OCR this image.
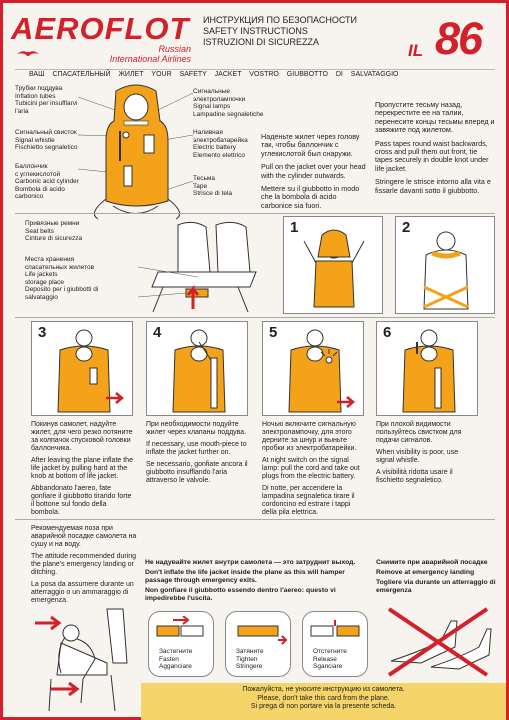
AEROFLOT
Russian
International Airlines
ИНСТРУКЦИЯ ПО БЕЗОПАСНОСТИ
SAFETY INSTRUCTIONS
ISTRUZIONI DI SICUREZZA	IL 86
ВАШ СПАСАТЕЛЬНЫЙ ЖИЛЕТ YOUR SAFETY JACKET VOSTRO GIUBBOTTO DI SALVATAGGIO
Трубки поддува
Inflation tubes
Tubicini per insufflarvi
l'aria
Сигнальный свисток
Signal whistle
Fischietto segnaletico
Баллончик
с углекислотой
Carbonic acid cylinder
Bombola di acido
carbonico
Сигнальные
электролампочки
Signal lamps
Lampadine segnaletiche
Наливная
электробатарейка
Electric battery
Elemento elettrico
Тесьма
Tape
Strisce di tela

Наденьте жилет через голову так, чтобы баллончик с углекислотой был снаружи.

Pull on the jacket over your head with the cylinder outwards.

Mettere su il giubbotto in modo che la bombola di acido carbonice sia fuori.

Пропустите тесьму назад, перекрестите ее на талии, перенесите концы тесьмы вперед и завяжите под жилетом.

Pass tapes round waist backwards, cross and pull them out front, tie tapes securely in double knot under life jacket.

Stringere le strisce intorno alla vita e fissarle davanti sotto il giubbotto.

Привязные ремни
Seat belts
Cinture di sicurezza
Места хранения
спасательных жилетов
Life jackets
storage place
Deposito per i giubbotti di
salvataggio
1	2
3	4	5	6

Покинув самолет, надуйте жилет, для чего резко потяните за колпачок спусковой головки баллончика.

After leaving the plane inflate the life jacket by pulling hard at the knob at bottom of life jacket.

Abbandonato l'aereo, fate gonfiare il giubbotto tirando forte il bottone sul fondo della bombola.

При необходимости подуйте жилет через клапаны поддува.

If necessary, use mouth-piece to inflate the jacket further on.

Se necessario, gonfiate ancora il giubbotto insufflando l'aria attraverso le valvole.

Ночью включите сигнальную электролампочку, для этого дерните за шнур и выньте пробки из электробатарейки.

At night switch on the signal lamp: pull the cord and take out plugs from the electric battery.

Di notte, per accendere la lampadina segnaletica tirare il cordoncino ed estrare i tappi della pila elettrica.

При плохой видимости пользуйтесь свистком для подачи сигналов.

When visibility is poor, use signal whistle.

A visibilità ridotta usare il fischietto segnaletico.

Рекомендуемая поза при аварийной посадке самолета на сушу и на воду.

The attitude recommended during the plane's emergency landing or ditching.

La posa da assumere durante un atterraggio o un ammaraggio di emergenza.

Не надувайте жилет внутри самолета — это затруднит выход.

Don't inflate the life jacket inside the plane as this will hamper passage through emergency exits.

Non gonfiare il giubbotto essendo dentro l'aereo: questo vi impedirebbe l'uscita.

Застегните
Fasten
Agganciare
Затяните
Tighten
Stringere
Отстегните
Release
Sganciare

Снимите при аварийной посадке

Remove at emergency landing

Togliere via durante un atterraggio di emergenza

Пожалуйста, не уносите инструкцию из самолета.

Please, don't take this card from the plane.

Si prega di non portare via la presente scheda.
